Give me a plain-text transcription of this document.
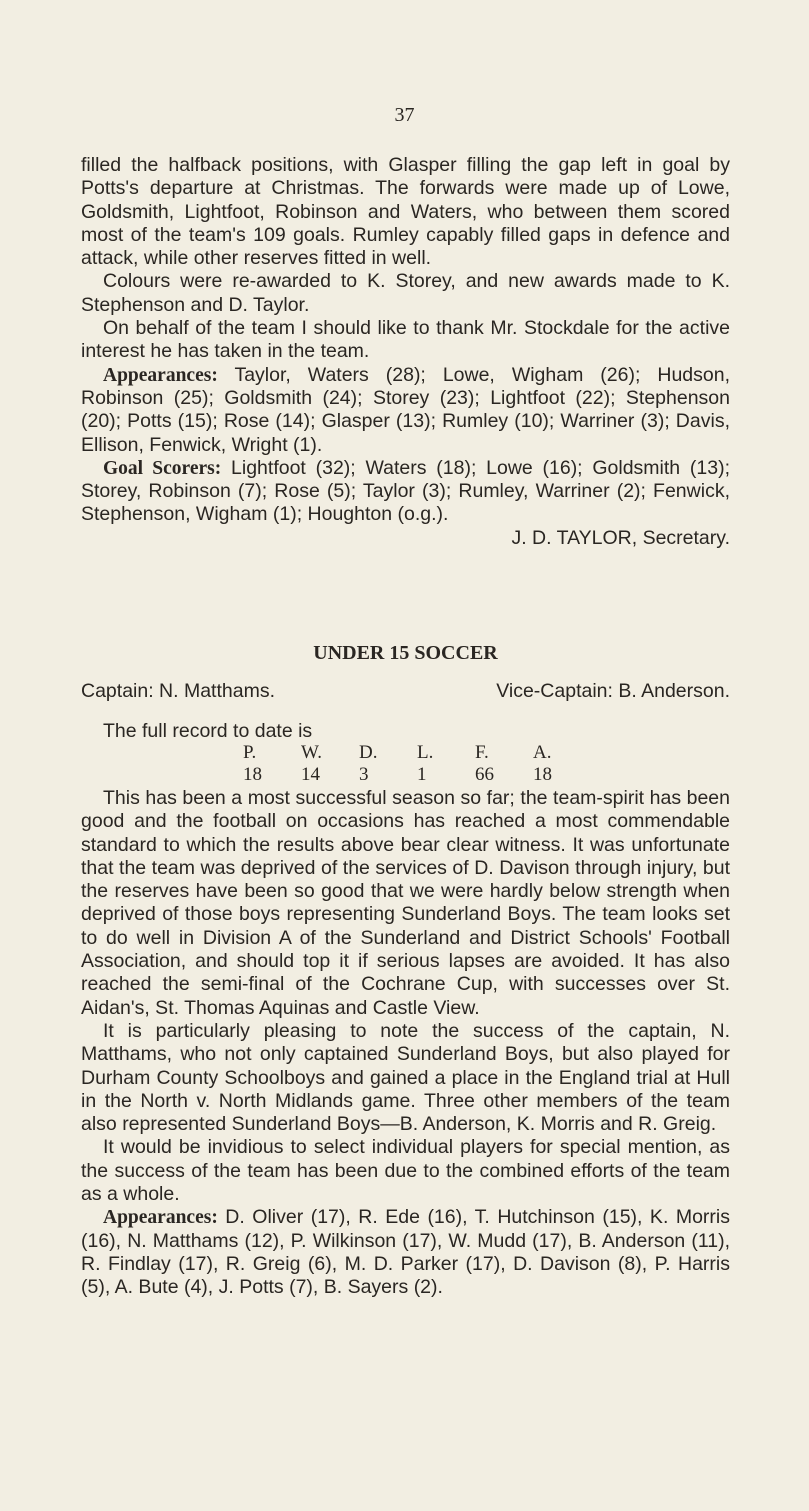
37

filled the halfback positions, with Glasper filling the gap left in goal by Potts's departure at Christmas. The forwards were made up of Lowe, Goldsmith, Lightfoot, Robinson and Waters, who between them scored most of the team's 109 goals. Rumley capably filled gaps in defence and attack, while other reserves fitted in well.

Colours were re-awarded to K. Storey, and new awards made to K. Stephenson and D. Taylor.

On behalf of the team I should like to thank Mr. Stockdale for the active interest he has taken in the team.

Appearances: Taylor, Waters (28); Lowe, Wigham (26); Hudson, Robinson (25); Goldsmith (24); Storey (23); Lightfoot (22); Stephenson (20); Potts (15); Rose (14); Glasper (13); Rumley (10); Warriner (3); Davis, Ellison, Fenwick, Wright (1).

Goal Scorers: Lightfoot (32); Waters (18); Lowe (16); Goldsmith (13); Storey, Robinson (7); Rose (5); Taylor (3); Rumley, Warriner (2); Fenwick, Stephenson, Wigham (1); Houghton (o.g.).

J. D. TAYLOR, Secretary.

UNDER 15 SOCCER

Captain: N. Matthams.	Vice-Captain: B. Anderson.

The full record to date is

P.	W.	D.	L.	F.	A.
18	14	3	1	66	18

This has been a most successful season so far; the team-spirit has been good and the football on occasions has reached a most commendable standard to which the results above bear clear witness. It was unfortunate that the team was deprived of the services of D. Davison through injury, but the reserves have been so good that we were hardly below strength when deprived of those boys representing Sunderland Boys. The team looks set to do well in Division A of the Sunderland and District Schools' Football Association, and should top it if serious lapses are avoided. It has also reached the semi-final of the Cochrane Cup, with successes over St. Aidan's, St. Thomas Aquinas and Castle View.

It is particularly pleasing to note the success of the captain, N. Matthams, who not only captained Sunderland Boys, but also played for Durham County Schoolboys and gained a place in the England trial at Hull in the North v. North Midlands game. Three other members of the team also represented Sunderland Boys—B. Anderson, K. Morris and R. Greig.

It would be invidious to select individual players for special mention, as the success of the team has been due to the combined efforts of the team as a whole.

Appearances: D. Oliver (17), R. Ede (16), T. Hutchinson (15), K. Morris (16), N. Matthams (12), P. Wilkinson (17), W. Mudd (17), B. Anderson (11), R. Findlay (17), R. Greig (6), M. D. Parker (17), D. Davison (8), P. Harris (5), A. Bute (4), J. Potts (7), B. Sayers (2).
